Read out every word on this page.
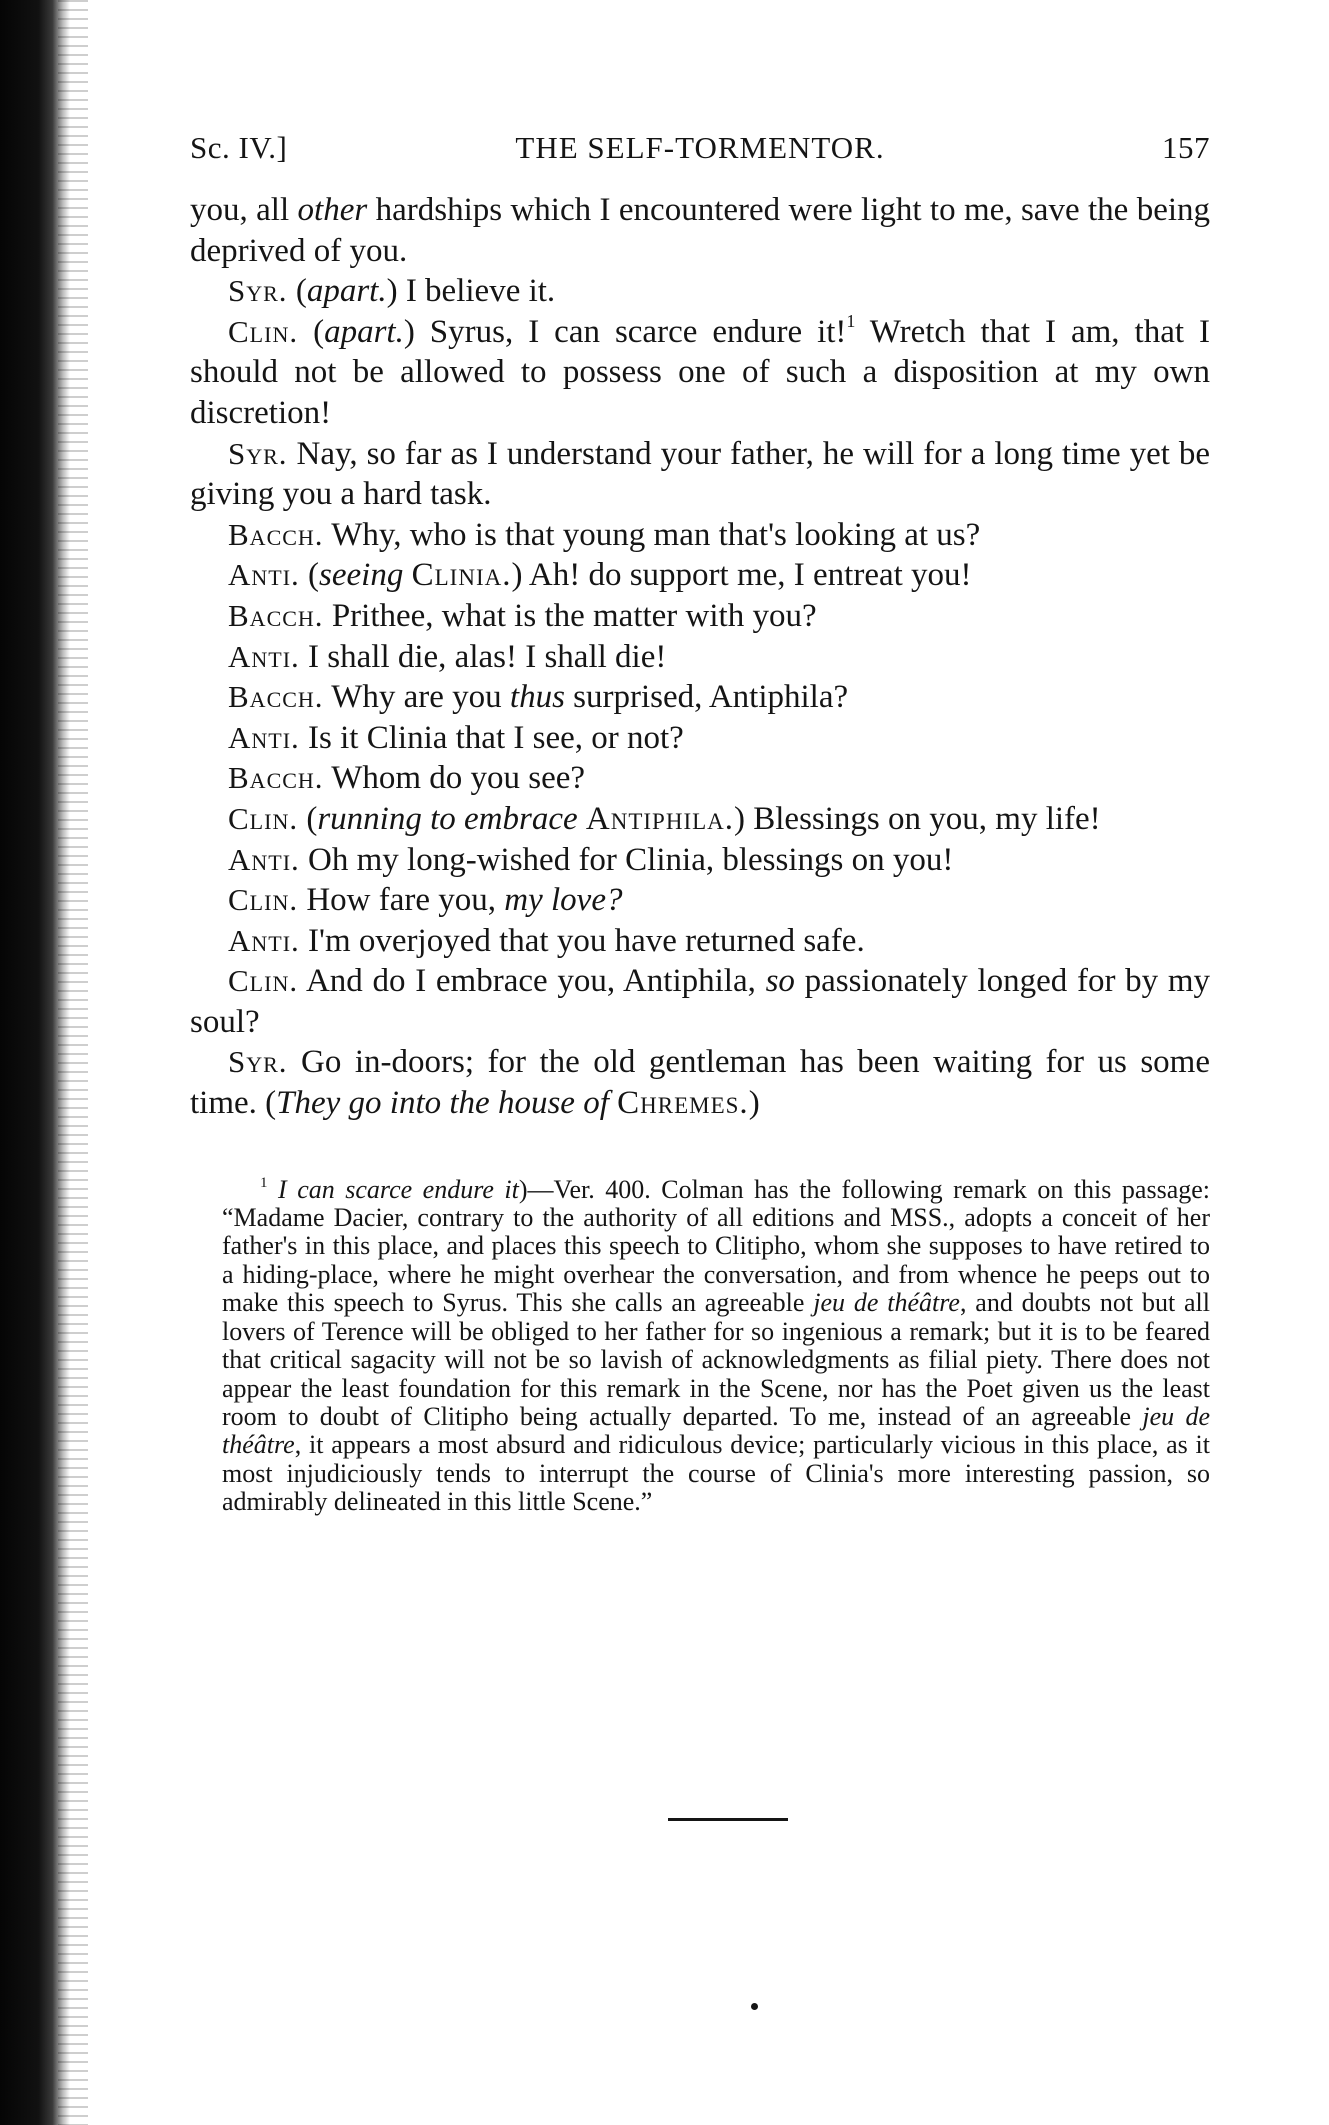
Sc. IV.]	THE SELF-TORMENTOR.	157

you, all other hardships which I encountered were light to me, save the being deprived of you.

Syr. (apart.) I believe it.

Clin. (apart.) Syrus, I can scarce endure it!$^1$ Wretch that I am, that I should not be allowed to possess one of such a disposition at my own discretion!

Syr. Nay, so far as I understand your father, he will for a long time yet be giving you a hard task.

Bacch. Why, who is that young man that's looking at us?

Anti. (seeing Clinia.) Ah! do support me, I entreat you!

Bacch. Prithee, what is the matter with you?

Anti. I shall die, alas! I shall die!

Bacch. Why are you thus surprised, Antiphila?

Anti. Is it Clinia that I see, or not?

Bacch. Whom do you see?

Clin. (running to embrace Antiphila.) Blessings on you, my life!

Anti. Oh my long-wished for Clinia, blessings on you!

Clin. How fare you, my love?

Anti. I'm overjoyed that you have returned safe.

Clin. And do I embrace you, Antiphila, so passionately longed for by my soul?

Syr. Go in-doors; for the old gentleman has been waiting for us some time. (They go into the house of Chremes.)

$^1$ I can scarce endure it)—Ver. 400. Colman has the following remark on this passage: “Madame Dacier, contrary to the authority of all editions and MSS., adopts a conceit of her father's in this place, and places this speech to Clitipho, whom she supposes to have retired to a hiding-place, where he might overhear the conversation, and from whence he peeps out to make this speech to Syrus. This she calls an agreeable jeu de théâtre, and doubts not but all lovers of Terence will be obliged to her father for so ingenious a remark; but it is to be feared that critical sagacity will not be so lavish of acknowledgments as filial piety. There does not appear the least foundation for this remark in the Scene, nor has the Poet given us the least room to doubt of Clitipho being actually departed. To me, instead of an agreeable jeu de théâtre, it appears a most absurd and ridiculous device; particularly vicious in this place, as it most injudiciously tends to interrupt the course of Clinia's more interesting passion, so admirably delineated in this little Scene.”
